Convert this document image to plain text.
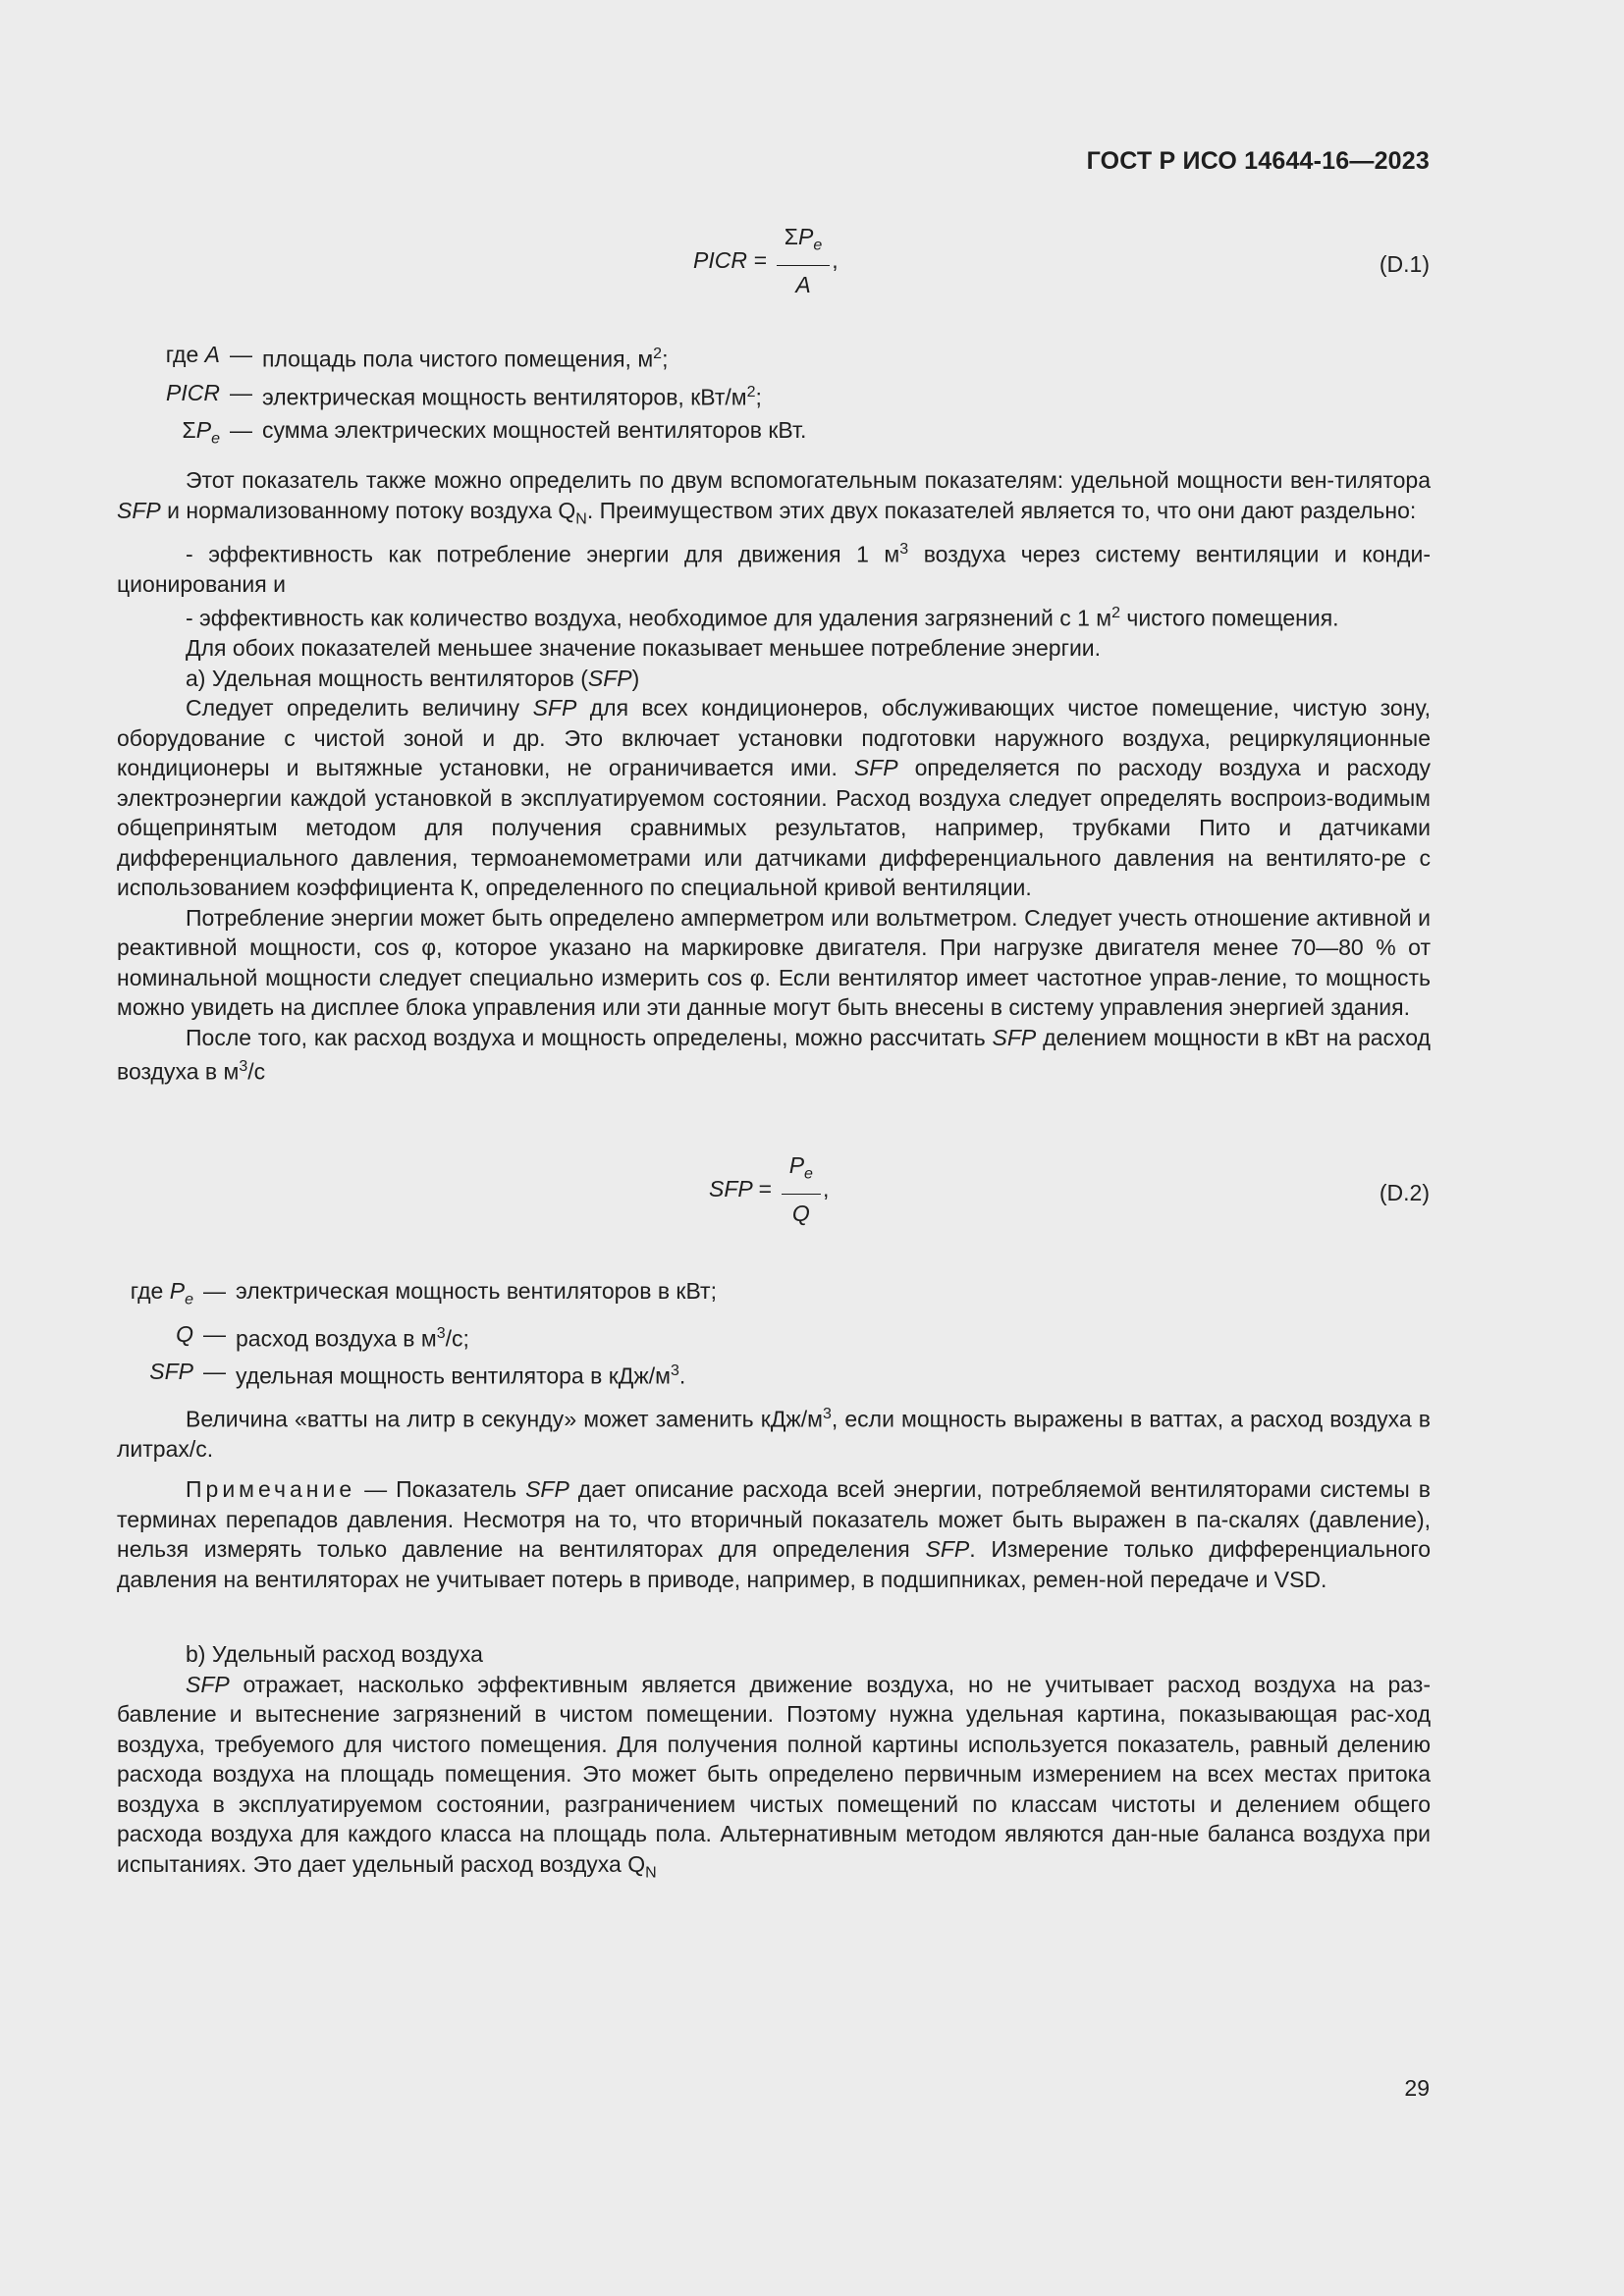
ГОСТ Р ИСО 14644-16—2023
PICR = $\frac{\Sigma P_e}{A}$ ,	(D.1)
где A — площадь пола чистого помещения, $м^2$;
PICR — электрическая мощность вентиляторов, кВт/$м^2$;
$\Sigma P_e$ — сумма электрических мощностей вентиляторов кВт.

Этот показатель также можно определить по двум вспомогательным показателям: удельной мощности вен-тилятора SFP и нормализованному потоку воздуха $Q_N$. Преимуществом этих двух показателей является то, что они дают раздельно:

- эффективность как потребление энергии для движения 1 $м^3$ воздуха через систему вентиляции и конди-ционирования и

- эффективность как количество воздуха, необходимое для удаления загрязнений с 1 $м^2$ чистого помещения.

Для обоих показателей меньшее значение показывает меньшее потребление энергии.

а) Удельная мощность вентиляторов (SFP)

Следует определить величину SFP для всех кондиционеров, обслуживающих чистое помещение, чистую зону, оборудование с чистой зоной и др. Это включает установки подготовки наружного воздуха, рециркуляционные кондиционеры и вытяжные установки, не ограничивается ими. SFP определяется по расходу воздуха и расходу электроэнергии каждой установкой в эксплуатируемом состоянии. Расход воздуха следует определять воспроиз-водимым общепринятым методом для получения сравнимых результатов, например, трубками Пито и датчиками дифференциального давления, термоанемометрами или датчиками дифференциального давления на вентилято-ре с использованием коэффициента К, определенного по специальной кривой вентиляции.

Потребление энергии может быть определено амперметром или вольтметром. Следует учесть отношение активной и реактивной мощности, cos φ, которое указано на маркировке двигателя. При нагрузке двигателя менее 70—80 % от номинальной мощности следует специально измерить cos φ. Если вентилятор имеет частотное управ-ление, то мощность можно увидеть на дисплее блока управления или эти данные могут быть внесены в систему управления энергией здания.

После того, как расход воздуха и мощность определены, можно рассчитать SFP делением мощности в кВт на расход воздуха в $м^3/с$

SFP = $\frac{P_e}{Q}$ ,	(D.2)
где $P_e$ — электрическая мощность вентиляторов в кВт;
Q — расход воздуха в $м^3/с$;
SFP — удельная мощность вентилятора в кДж/$м^3$.

Величина «ватты на литр в секунду» может заменить кДж/$м^3$, если мощность выражены в ваттах, а расход воздуха в литрах/с.

Примечание — Показатель SFP дает описание расхода всей энергии, потребляемой вентиляторами системы в терминах перепадов давления. Несмотря на то, что вторичный показатель может быть выражен в па-скалях (давление), нельзя измерять только давление на вентиляторах для определения SFP. Измерение только дифференциального давления на вентиляторах не учитывает потерь в приводе, например, в подшипниках, ремен-ной передаче и VSD.

b) Удельный расход воздуха

SFP отражает, насколько эффективным является движение воздуха, но не учитывает расход воздуха на раз-бавление и вытеснение загрязнений в чистом помещении. Поэтому нужна удельная картина, показывающая рас-ход воздуха, требуемого для чистого помещения. Для получения полной картины используется показатель, равный делению расхода воздуха на площадь помещения. Это может быть определено первичным измерением на всех местах притока воздуха в эксплуатируемом состоянии, разграничением чистых помещений по классам чистоты и делением общего расхода воздуха для каждого класса на площадь пола. Альтернативным методом являются дан-ные баланса воздуха при испытаниях. Это дает удельный расход воздуха $Q_N$

29
